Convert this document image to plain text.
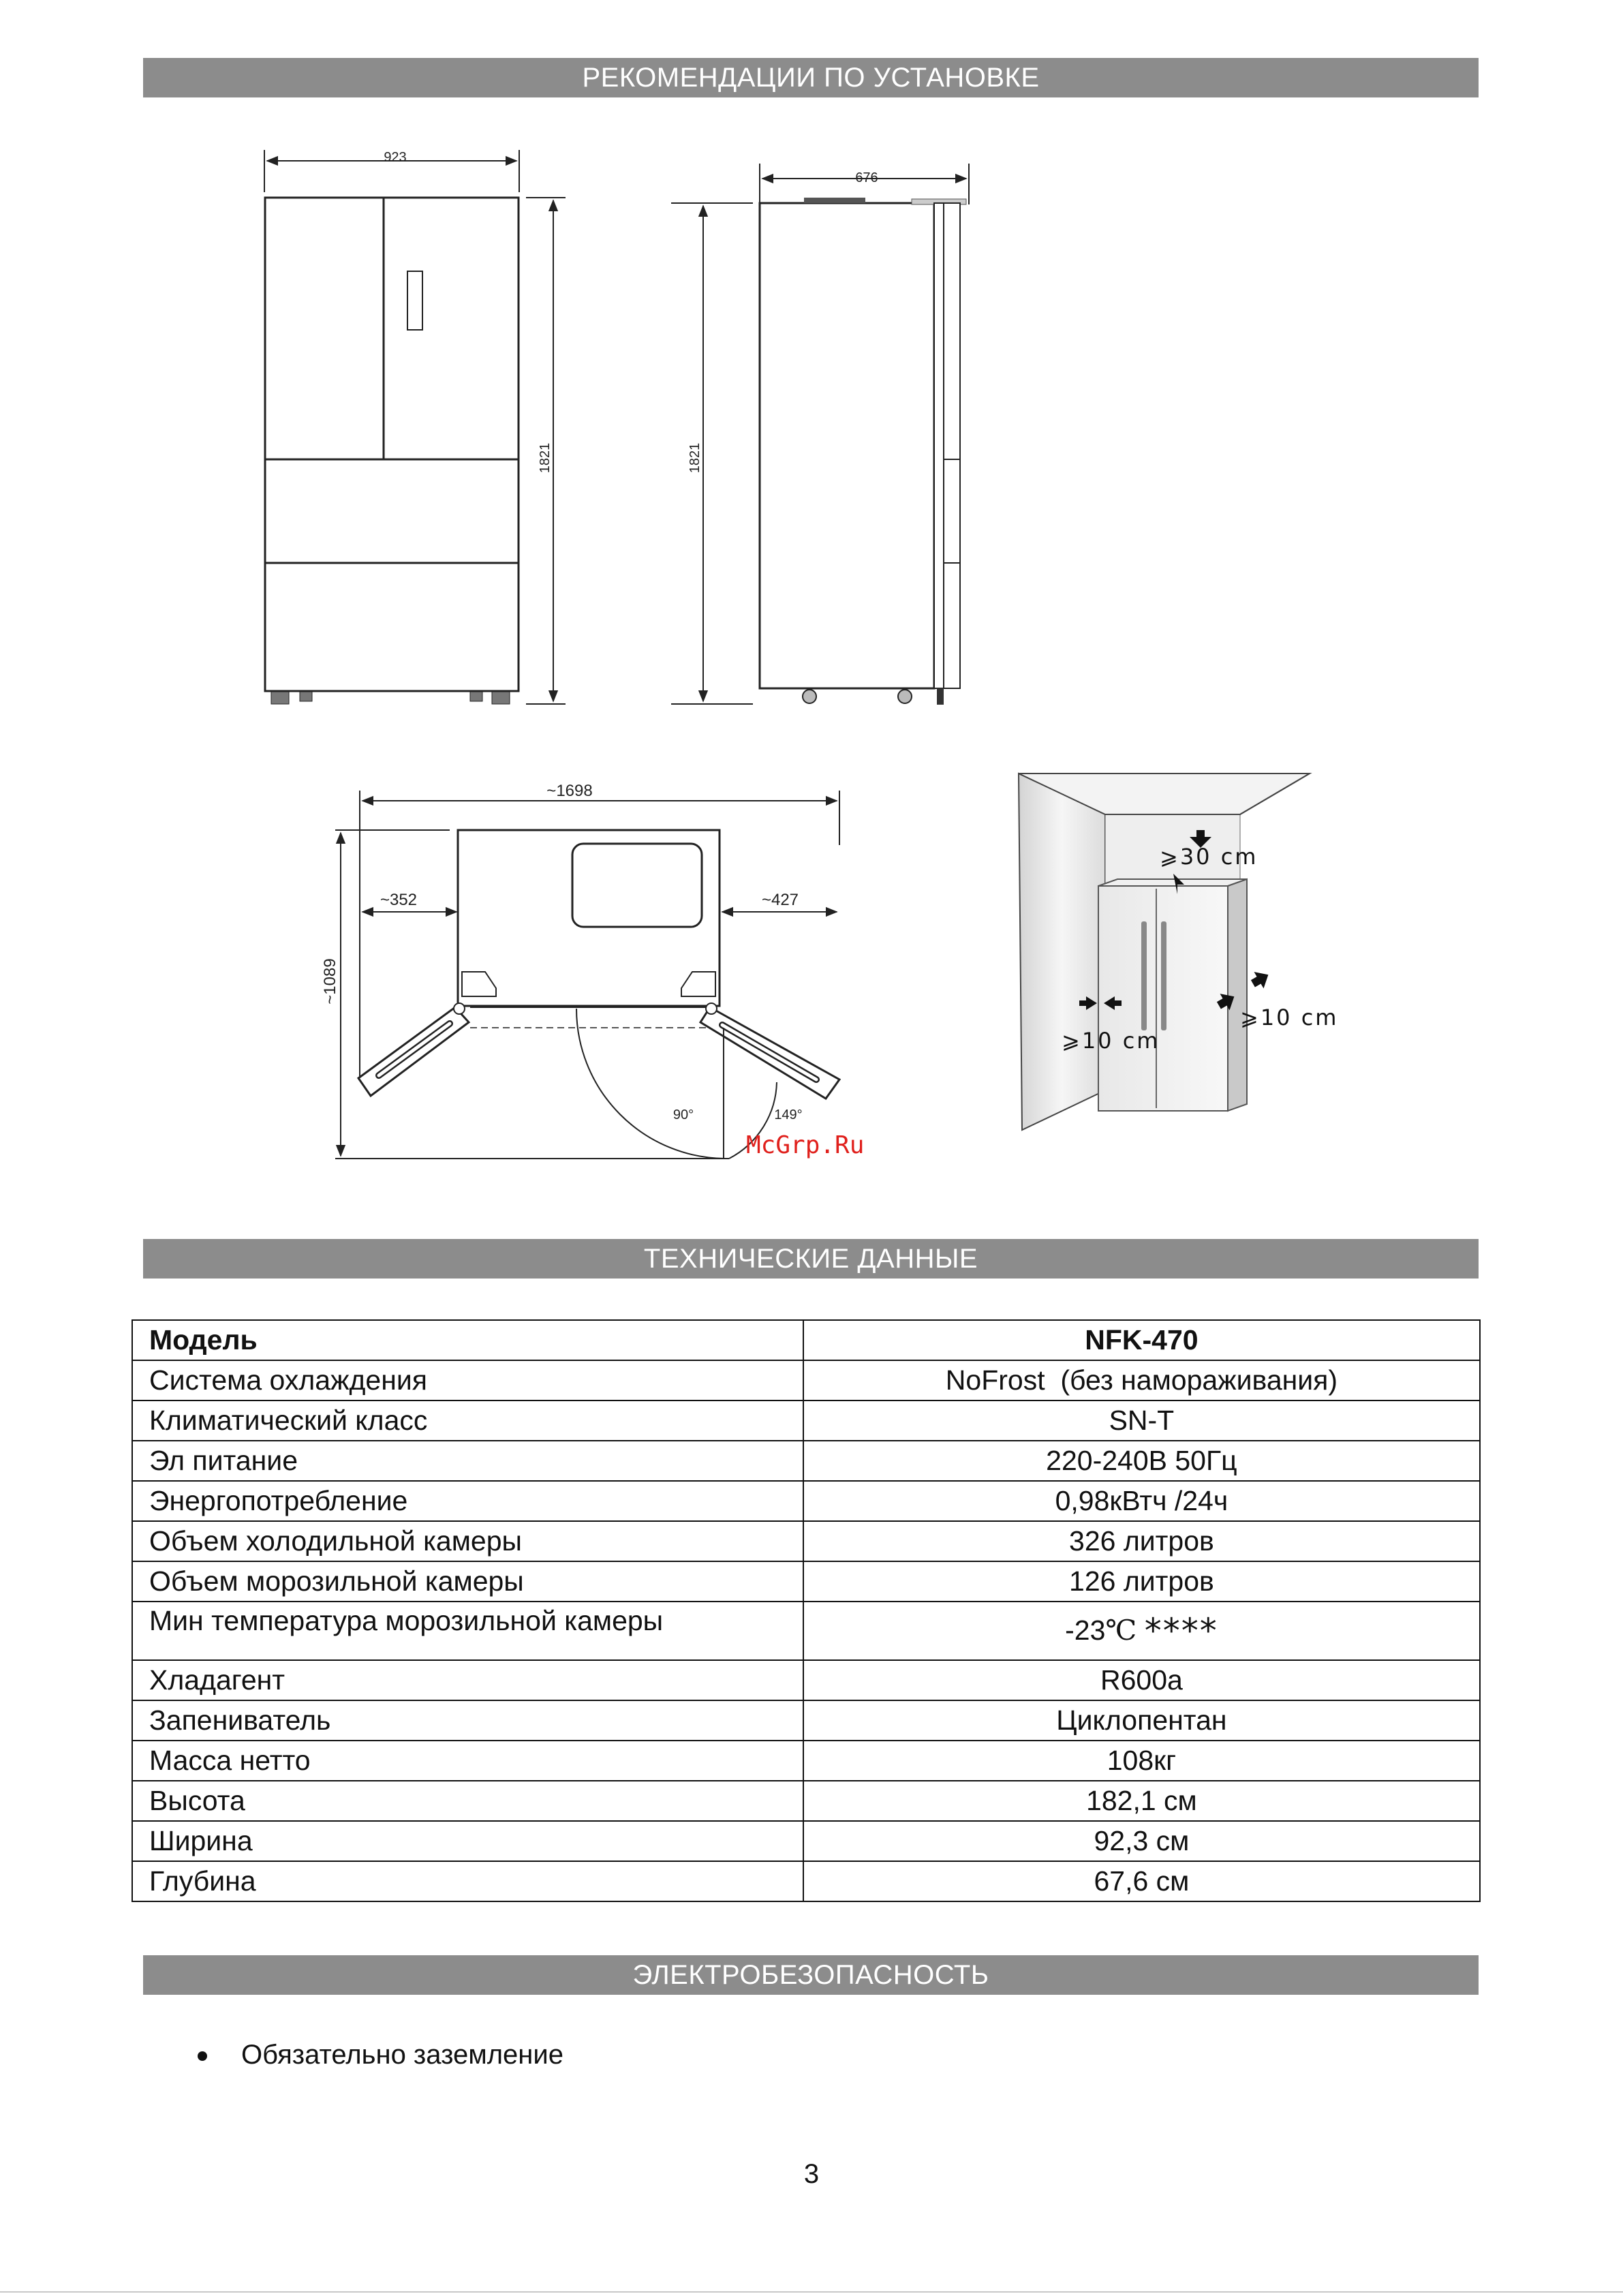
РЕКОМЕНДАЦИИ ПО УСТАНОВКЕ
923
1821
676
1821
~1698
~352	~427
~1089
90°	149°
⩾30 cm
⩾10 cm
⩾10 cm
McGrp.Ru
ТЕХНИЧЕСКИЕ ДАННЫЕ
Модель	NFK-470
Система охлаждения	NoFrost  (без намораживания)
Климатический класс	SN-T
Эл питание	220-240В 50Гц
Энергопотребление	0,98кВтч /24ч
Объем холодильной камеры	326 литров
Объем морозильной камеры	126 литров
Мин температура морозильной камеры	-23℃ ****
Хладагент	R600a
Запениватель	Циклопентан
Масса нетто	108кг
Высота	182,1 см
Ширина	92,3 см
Глубина	67,6 см
ЭЛЕКТРОБЕЗОПАСНОСТЬ
Обязательно заземление
3
